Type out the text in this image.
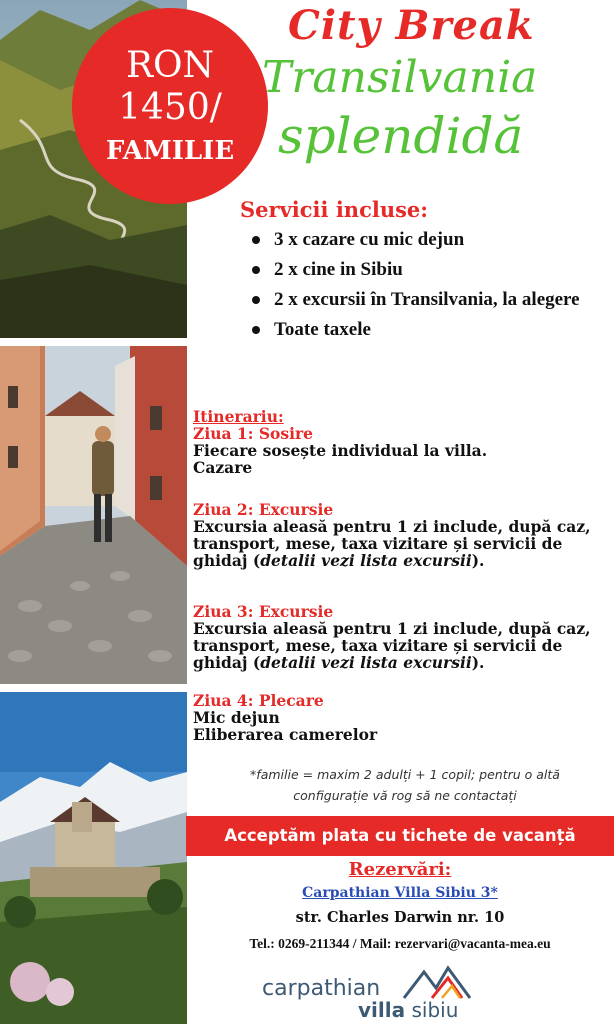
RON
1450/
FAMILIE *
City Break
Transilvania
splendidă
Servicii incluse:
3 x cazare cu mic dejun
2 x cine in Sibiu
2 x excursii în Transilvania, la alegere
Toate taxele
Itinerariu:
Ziua 1: Sosire
Fiecare sosește individual la villa.
Cazare
Ziua 2: Excursie
Excursia aleasă pentru 1 zi include, după caz, transport, mese, taxa vizitare și servicii de ghidaj (detalii vezi lista excursii).
Ziua 3: Excursie
Excursia aleasă pentru 1 zi include, după caz, transport, mese, taxa vizitare și servicii de ghidaj (detalii vezi lista excursii).
Ziua 4: Plecare
Mic dejun
Eliberarea camerelor
*familie = maxim 2 adulți + 1 copil; pentru o altă
configurație vă rog să ne contactați
Acceptăm plata cu tichete de vacanță
Rezervări:
Carpathian Villa Sibiu 3*
str. Charles Darwin nr. 10
Tel.: 0269-211344 / Mail: rezervari@vacanta-mea.eu
carpathian
villa sibiu
